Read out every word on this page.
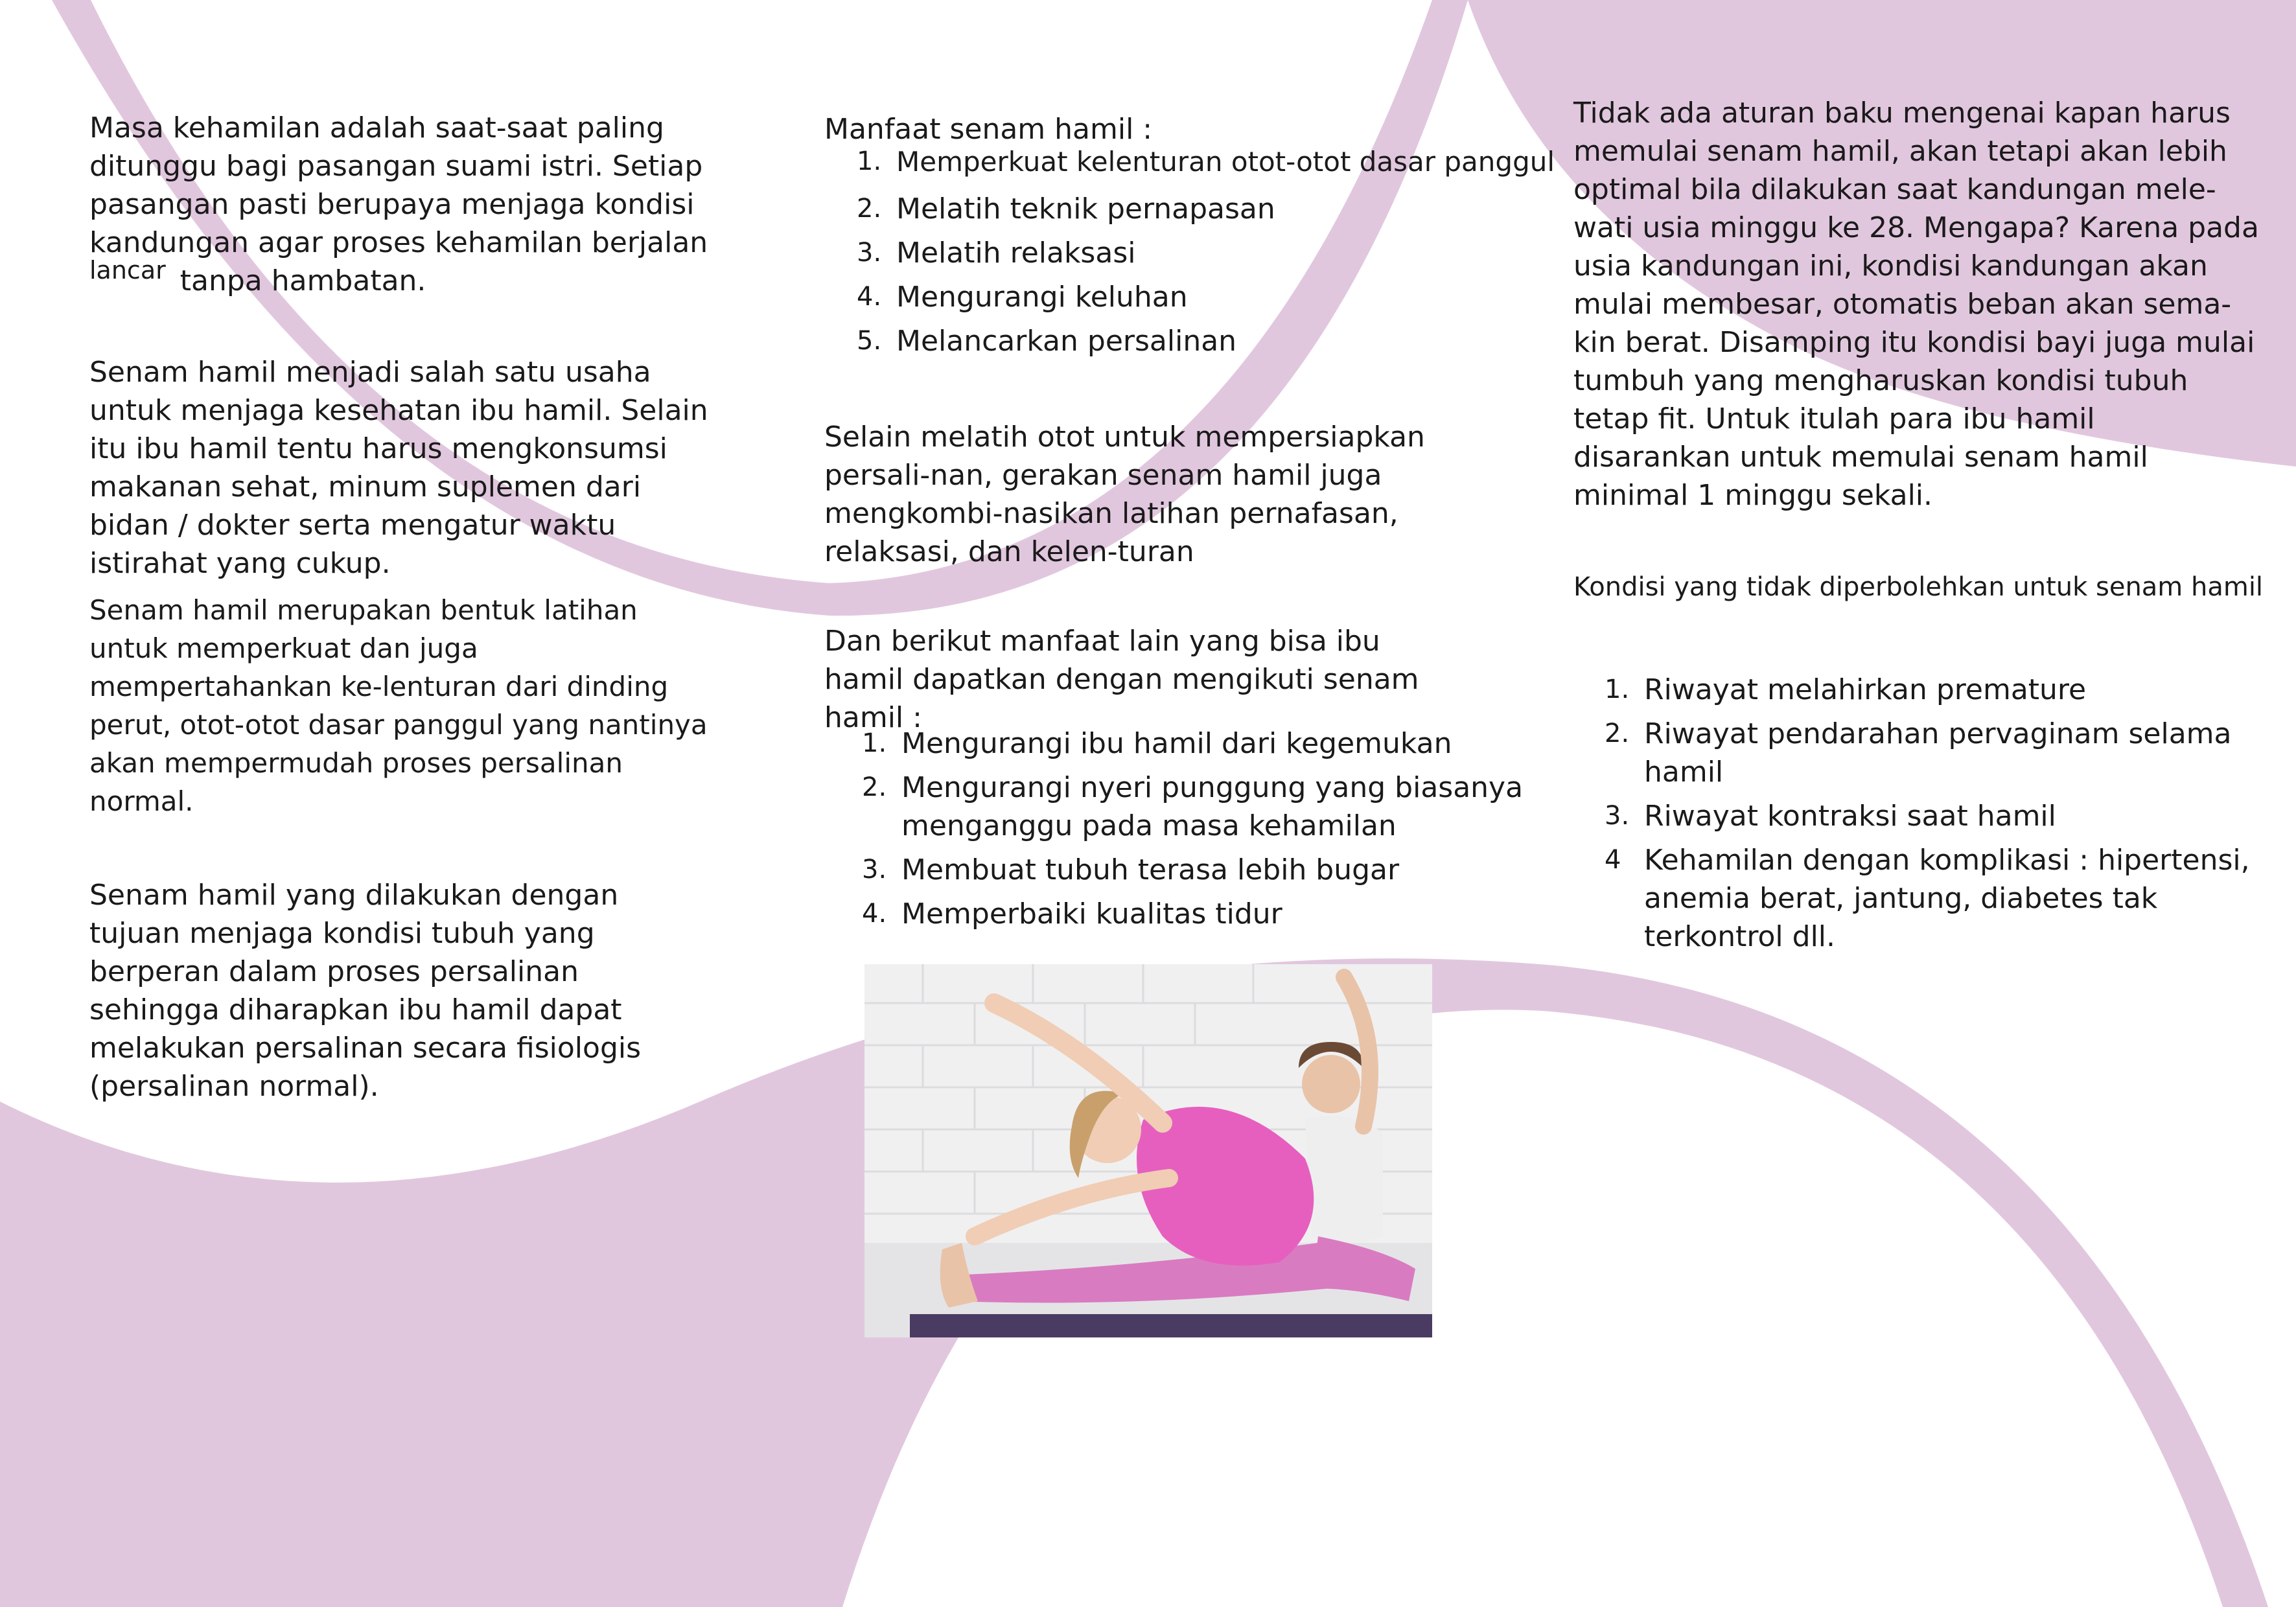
Masa kehamilan adalah saat-saat paling ditunggu bagi pasangan suami istri. Setiap pasangan pasti berupaya menjaga kondisi kandungan agar proses kehamilan berjalan
lancar tanpa hambatan.

Senam hamil menjadi salah satu usaha untuk menjaga kesehatan ibu hamil. Selain itu ibu hamil tentu harus mengkonsumsi makanan sehat, minum suplemen dari bidan / dokter serta mengatur waktu istirahat yang cukup.

Senam hamil merupakan bentuk latihan untuk memperkuat dan juga mempertahankan ke-lenturan dari dinding perut, otot-otot dasar panggul yang nantinya akan mempermudah proses persalinan normal.

Senam hamil yang dilakukan dengan tujuan menjaga kondisi tubuh yang berperan dalam proses persalinan sehingga diharapkan ibu hamil dapat melakukan persalinan secara fisiologis (persalinan normal).

Manfaat senam hamil :

1. Memperkuat kelenturan otot-otot dasar panggul
2. Melatih teknik pernapasan
3. Melatih relaksasi
4. Mengurangi keluhan
5. Melancarkan persalinan

Selain melatih otot untuk mempersiapkan persali-nan, gerakan senam hamil juga mengkombi-nasikan latihan pernafasan, relaksasi, dan kelen-turan

Dan berikut manfaat lain yang bisa ibu hamil dapatkan dengan mengikuti senam hamil :

1. Mengurangi ibu hamil dari kegemukan
2. Mengurangi nyeri punggung yang biasanya menganggu pada masa kehamilan
3. Membuat tubuh terasa lebih bugar
4. Memperbaiki kualitas tidur

Tidak ada aturan baku mengenai kapan harus memulai senam hamil, akan tetapi akan lebih optimal bila dilakukan saat kandungan mele-wati usia minggu ke 28. Mengapa? Karena pada usia kandungan ini, kondisi kandungan akan mulai membesar, otomatis beban akan sema-kin berat. Disamping itu kondisi bayi juga mulai tumbuh yang mengharuskan kondisi tubuh tetap fit. Untuk itulah para ibu hamil disarankan untuk memulai senam hamil minimal 1 minggu sekali.

Kondisi yang tidak diperbolehkan untuk senam hamil

1. Riwayat melahirkan premature
2. Riwayat pendarahan pervaginam selama hamil
3. Riwayat kontraksi saat hamil
4 Kehamilan dengan komplikasi : hipertensi, anemia berat, jantung, diabetes tak terkontrol dll.
